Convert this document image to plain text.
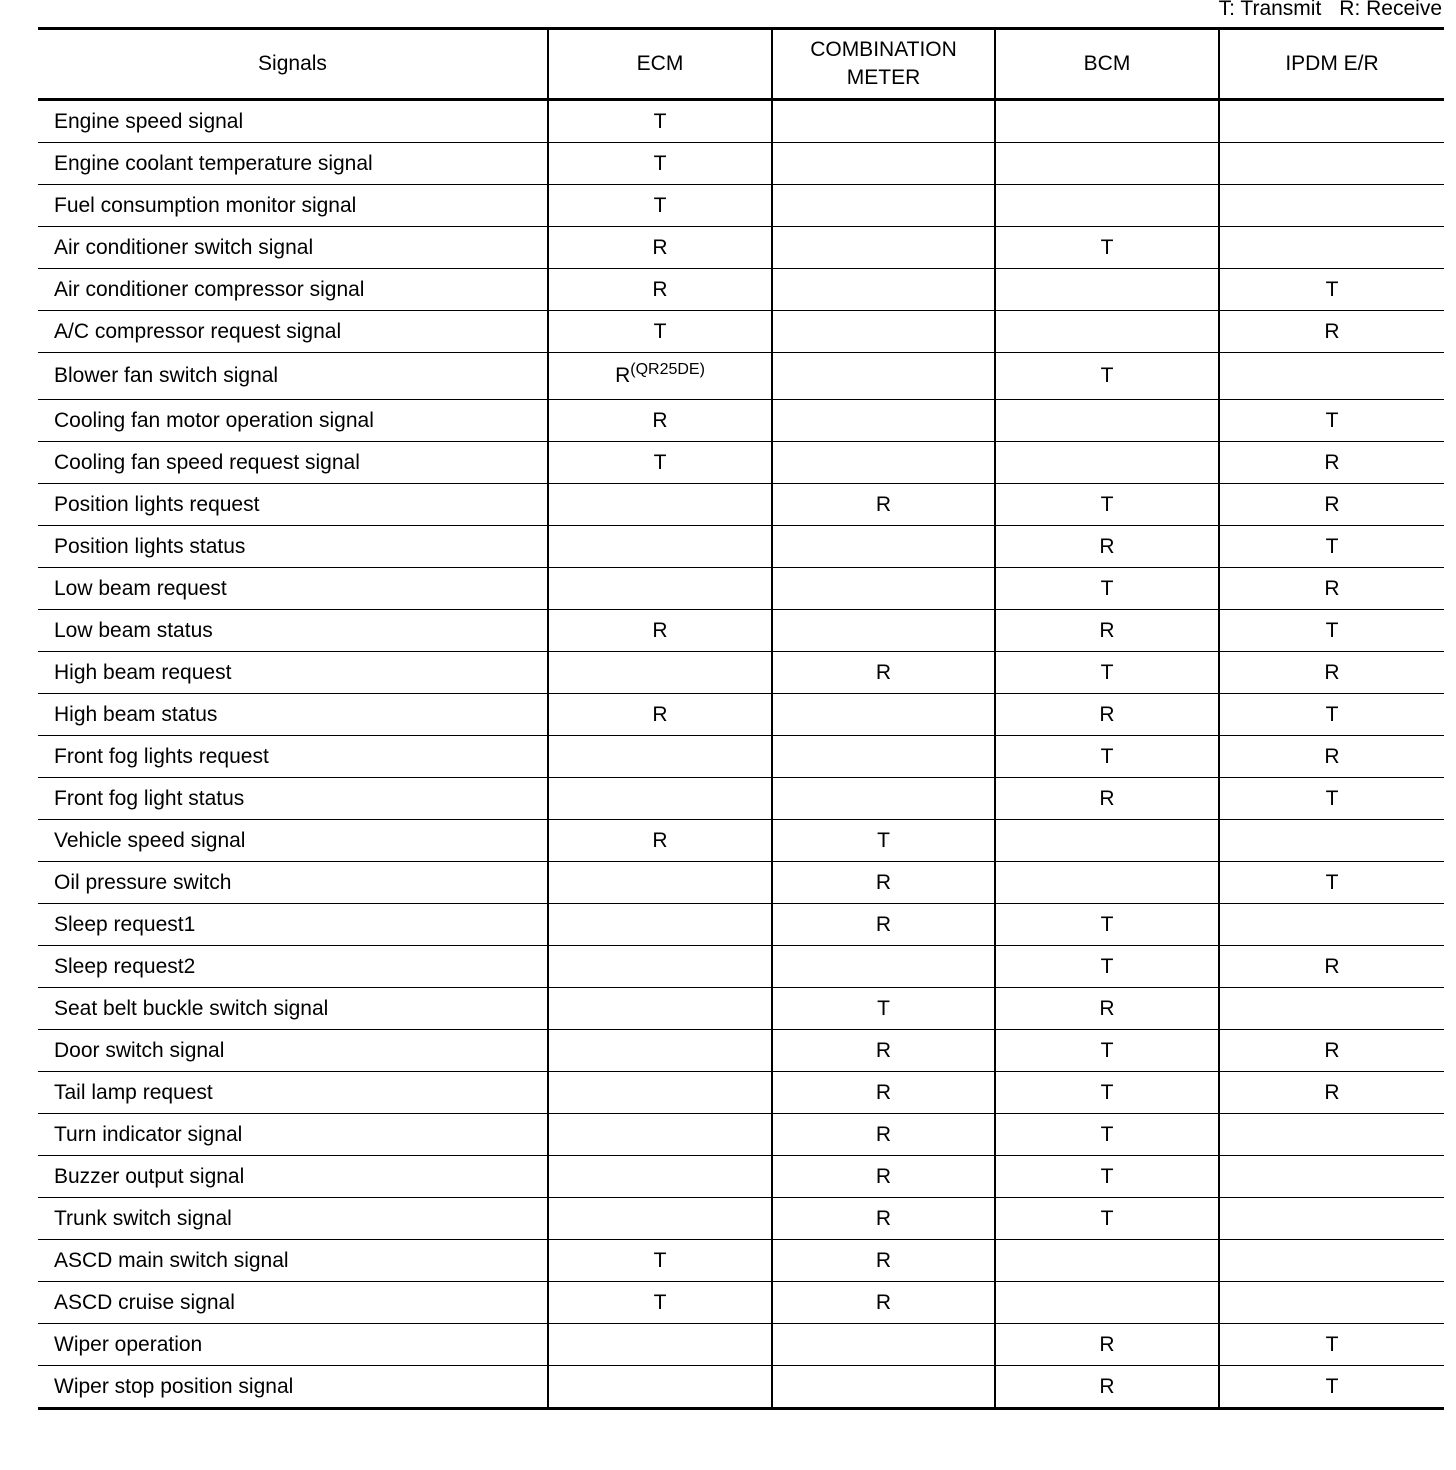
T: Transmit R: Receive
Signals	ECM	COMBINATION
METER	BCM	IPDM E/R
Engine speed signal	T			
Engine coolant temperature signal	T			
Fuel consumption monitor signal	T			
Air conditioner switch signal	R		T	
Air conditioner compressor signal	R			T
A/C compressor request signal	T			R
Blower fan switch signal	R$^{(QR25DE)}$		T	
Cooling fan motor operation signal	R			T
Cooling fan speed request signal	T			R
Position lights request		R	T	R
Position lights status			R	T
Low beam request			T	R
Low beam status	R		R	T
High beam request		R	T	R
High beam status	R		R	T
Front fog lights request			T	R
Front fog light status			R	T
Vehicle speed signal	R	T		
Oil pressure switch		R		T
Sleep request1		R	T	
Sleep request2			T	R
Seat belt buckle switch signal		T	R	
Door switch signal		R	T	R
Tail lamp request		R	T	R
Turn indicator signal		R	T	
Buzzer output signal		R	T	
Trunk switch signal		R	T	
ASCD main switch signal	T	R		
ASCD cruise signal	T	R		
Wiper operation			R	T
Wiper stop position signal			R	T
